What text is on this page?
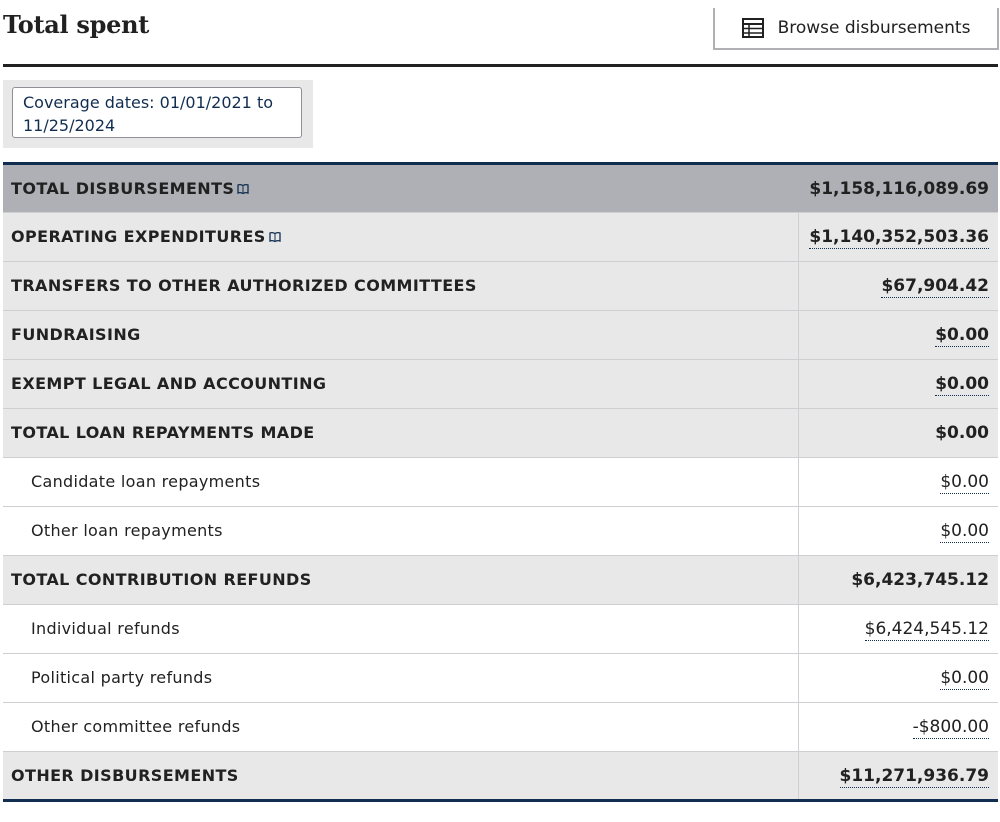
Total spent	Browse disbursements
Coverage dates: 01/01/2021 to 11/25/2024
TOTAL DISBURSEMENTS	$1,158,116,089.69
OPERATING EXPENDITURES	$1,140,352,503.36
TRANSFERS TO OTHER AUTHORIZED COMMITTEES	$67,904.42
FUNDRAISING	$0.00
EXEMPT LEGAL AND ACCOUNTING	$0.00
TOTAL LOAN REPAYMENTS MADE	$0.00
Candidate loan repayments	$0.00
Other loan repayments	$0.00
TOTAL CONTRIBUTION REFUNDS	$6,423,745.12
Individual refunds	$6,424,545.12
Political party refunds	$0.00
Other committee refunds	-$800.00
OTHER DISBURSEMENTS	$11,271,936.79
